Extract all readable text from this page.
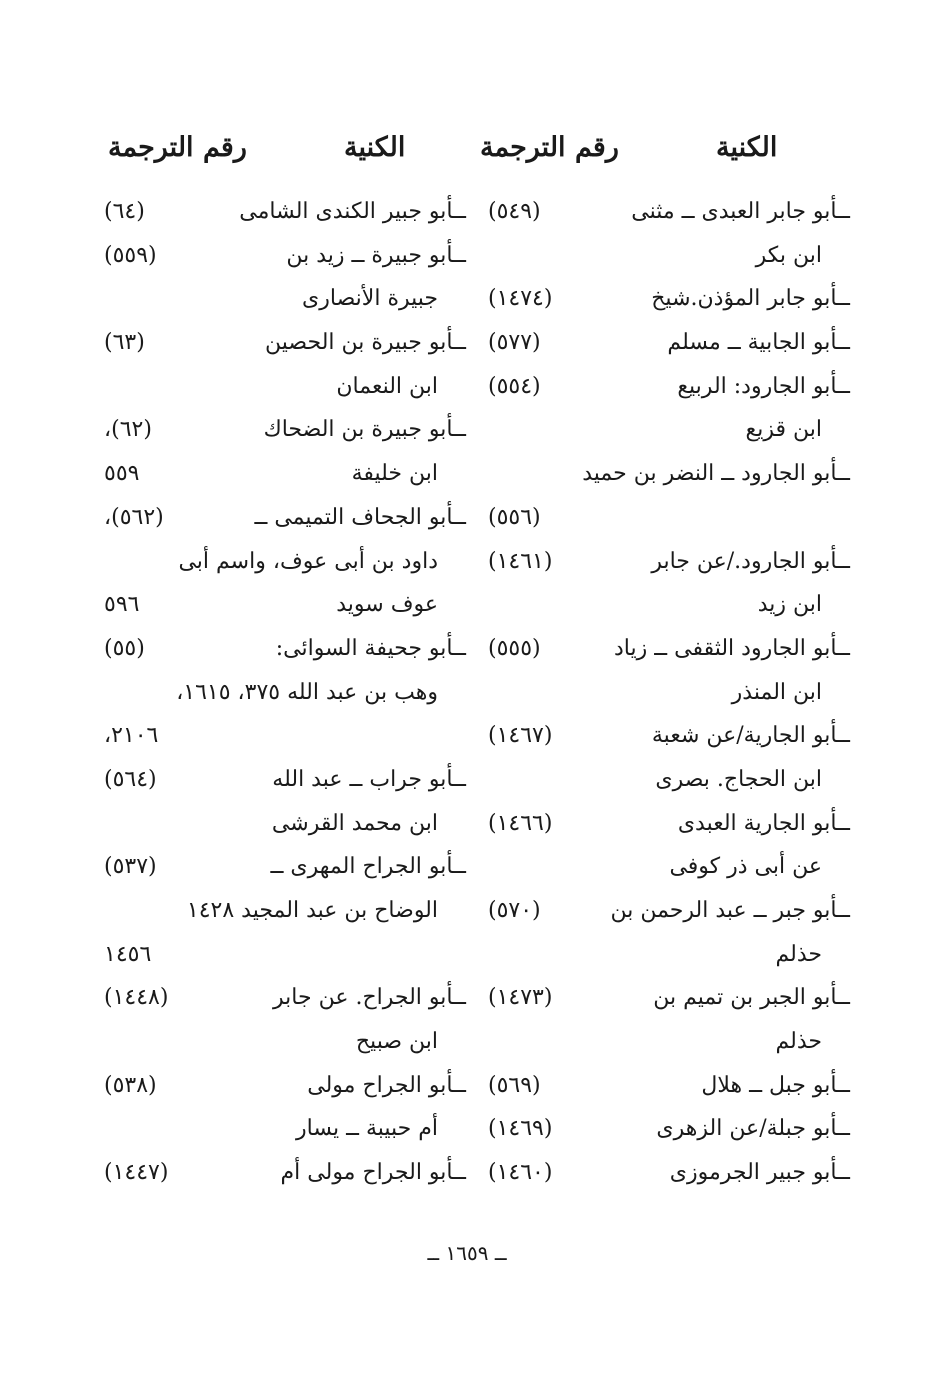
الكنية
رقم الترجمة
الكنية
رقم الترجمة
ــأبو جابر العبدى ــ مثنى
(٥٤٩)
ابن بكر
ــأبو جابر المؤذن.شيخ
(١٤٧٤)
ــأبو الجابية ــ مسلم
(٥٧٧)
ــأبو الجارود: الربيع
(٥٥٤)
ابن قزيع
ــأبو الجارود ــ النضر بن حميد
(٥٥٦)
ــأبو الجارود./عن جابر
(١٤٦١)
ابن زيد
ــأبو الجارود الثقفى ــ زياد
(٥٥٥)
ابن المنذر
ــأبو الجارية/عن شعبة
(١٤٦٧)
ابن الحجاج. بصرى
ــأبو الجارية العبدى
(١٤٦٦)
عن أبى ذر كوفى
ــأبو جبر ــ عبد الرحمن بن
(٥٧٠)
حذلم
ــأبو الجبر بن تميم بن
(١٤٧٣)
حذلم
ــأبو جبل ــ هلال
(٥٦٩)
ــأبو جبلة/عن الزهرى
(١٤٦٩)
ــأبو جبير الجرموزى
(١٤٦٠)
ــأبو جبير الكندى الشامى
(٦٤)
ــأبو جبيرة ــ زيد بن
(٥٥٩)
جبيرة الأنصارى
ــأبو جبيرة بن الحصين
(٦٣)
ابن النعمان
ــأبو جبيرة بن الضحاك
(٦٢)،
ابن خليفة
٥٥٩
ــأبو الجحاف التميمى ــ
(٥٦٢)،
داود بن أبى عوف، واسم أبى
عوف سويد
٥٩٦
ــأبو جحيفة السوائى:
(٥٥)
وهب بن عبد الله ٣٧٥، ١٦١٥،
٢١٠٦،
ــأبو جراب ــ عبد الله
(٥٦٤)
ابن محمد القرشى
ــأبو الجراح المهرى ــ
(٥٣٧)
الوضاح بن عبد المجيد ١٤٢٨
١٤٥٦
ــأبو الجراح. عن جابر
(١٤٤٨)
ابن صبيح
ــأبو الجراح مولى
(٥٣٨)
أم حبيبة ــ يسار
ــأبو الجراح مولى أم
(١٤٤٧)
ــ ١٦٥٩ ــ
